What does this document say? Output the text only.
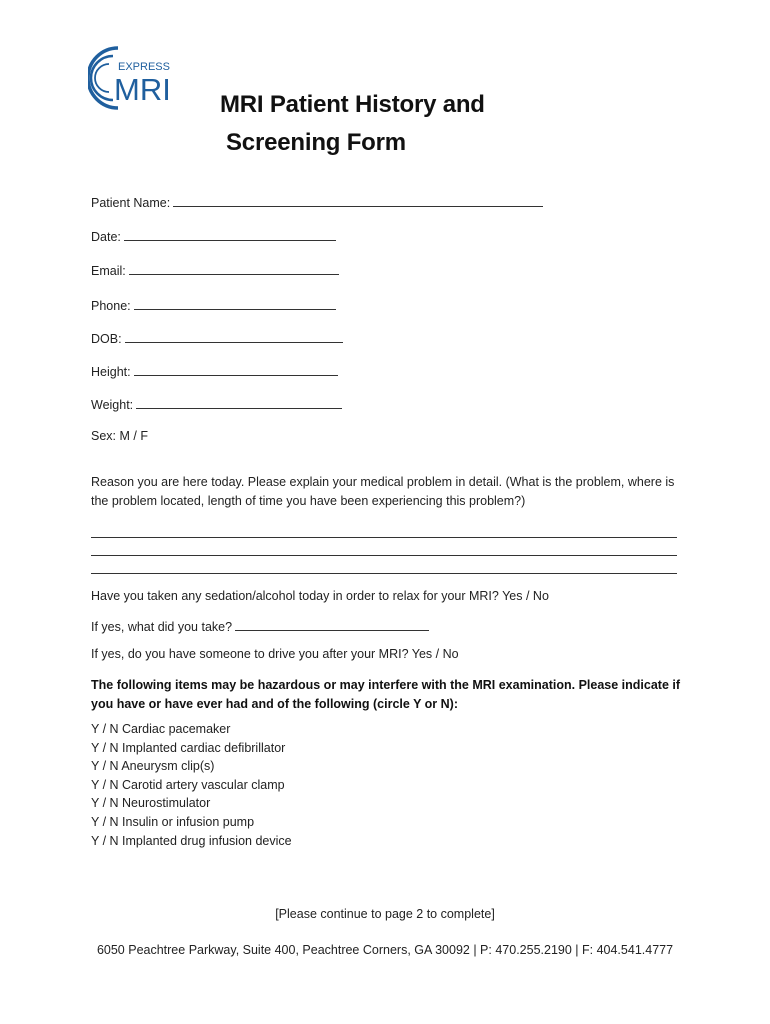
EXPRESS
MRI MRI Patient History and
Screening Form
Patient Name:
Date:
Email:
Phone:
DOB:
Height:
Weight:
Sex: M / F
Reason you are here today. Please explain your medical problem in detail. (What is the problem, where is the problem located, length of time you have been experiencing this problem?)
Have you taken any sedation/alcohol today in order to relax for your MRI? Yes / No
If yes, what did you take?
If yes, do you have someone to drive you after your MRI? Yes / No
The following items may be hazardous or may interfere with the MRI examination. Please indicate if you have or have ever had and of the following (circle Y or N):
Y / N Cardiac pacemaker
Y / N Implanted cardiac defibrillator
Y / N Aneurysm clip(s)
Y / N Carotid artery vascular clamp
Y / N Neurostimulator
Y / N Insulin or infusion pump
Y / N Implanted drug infusion device
[Please continue to page 2 to complete]
6050 Peachtree Parkway, Suite 400, Peachtree Corners, GA 30092 | P: 470.255.2190 | F: 404.541.4777
